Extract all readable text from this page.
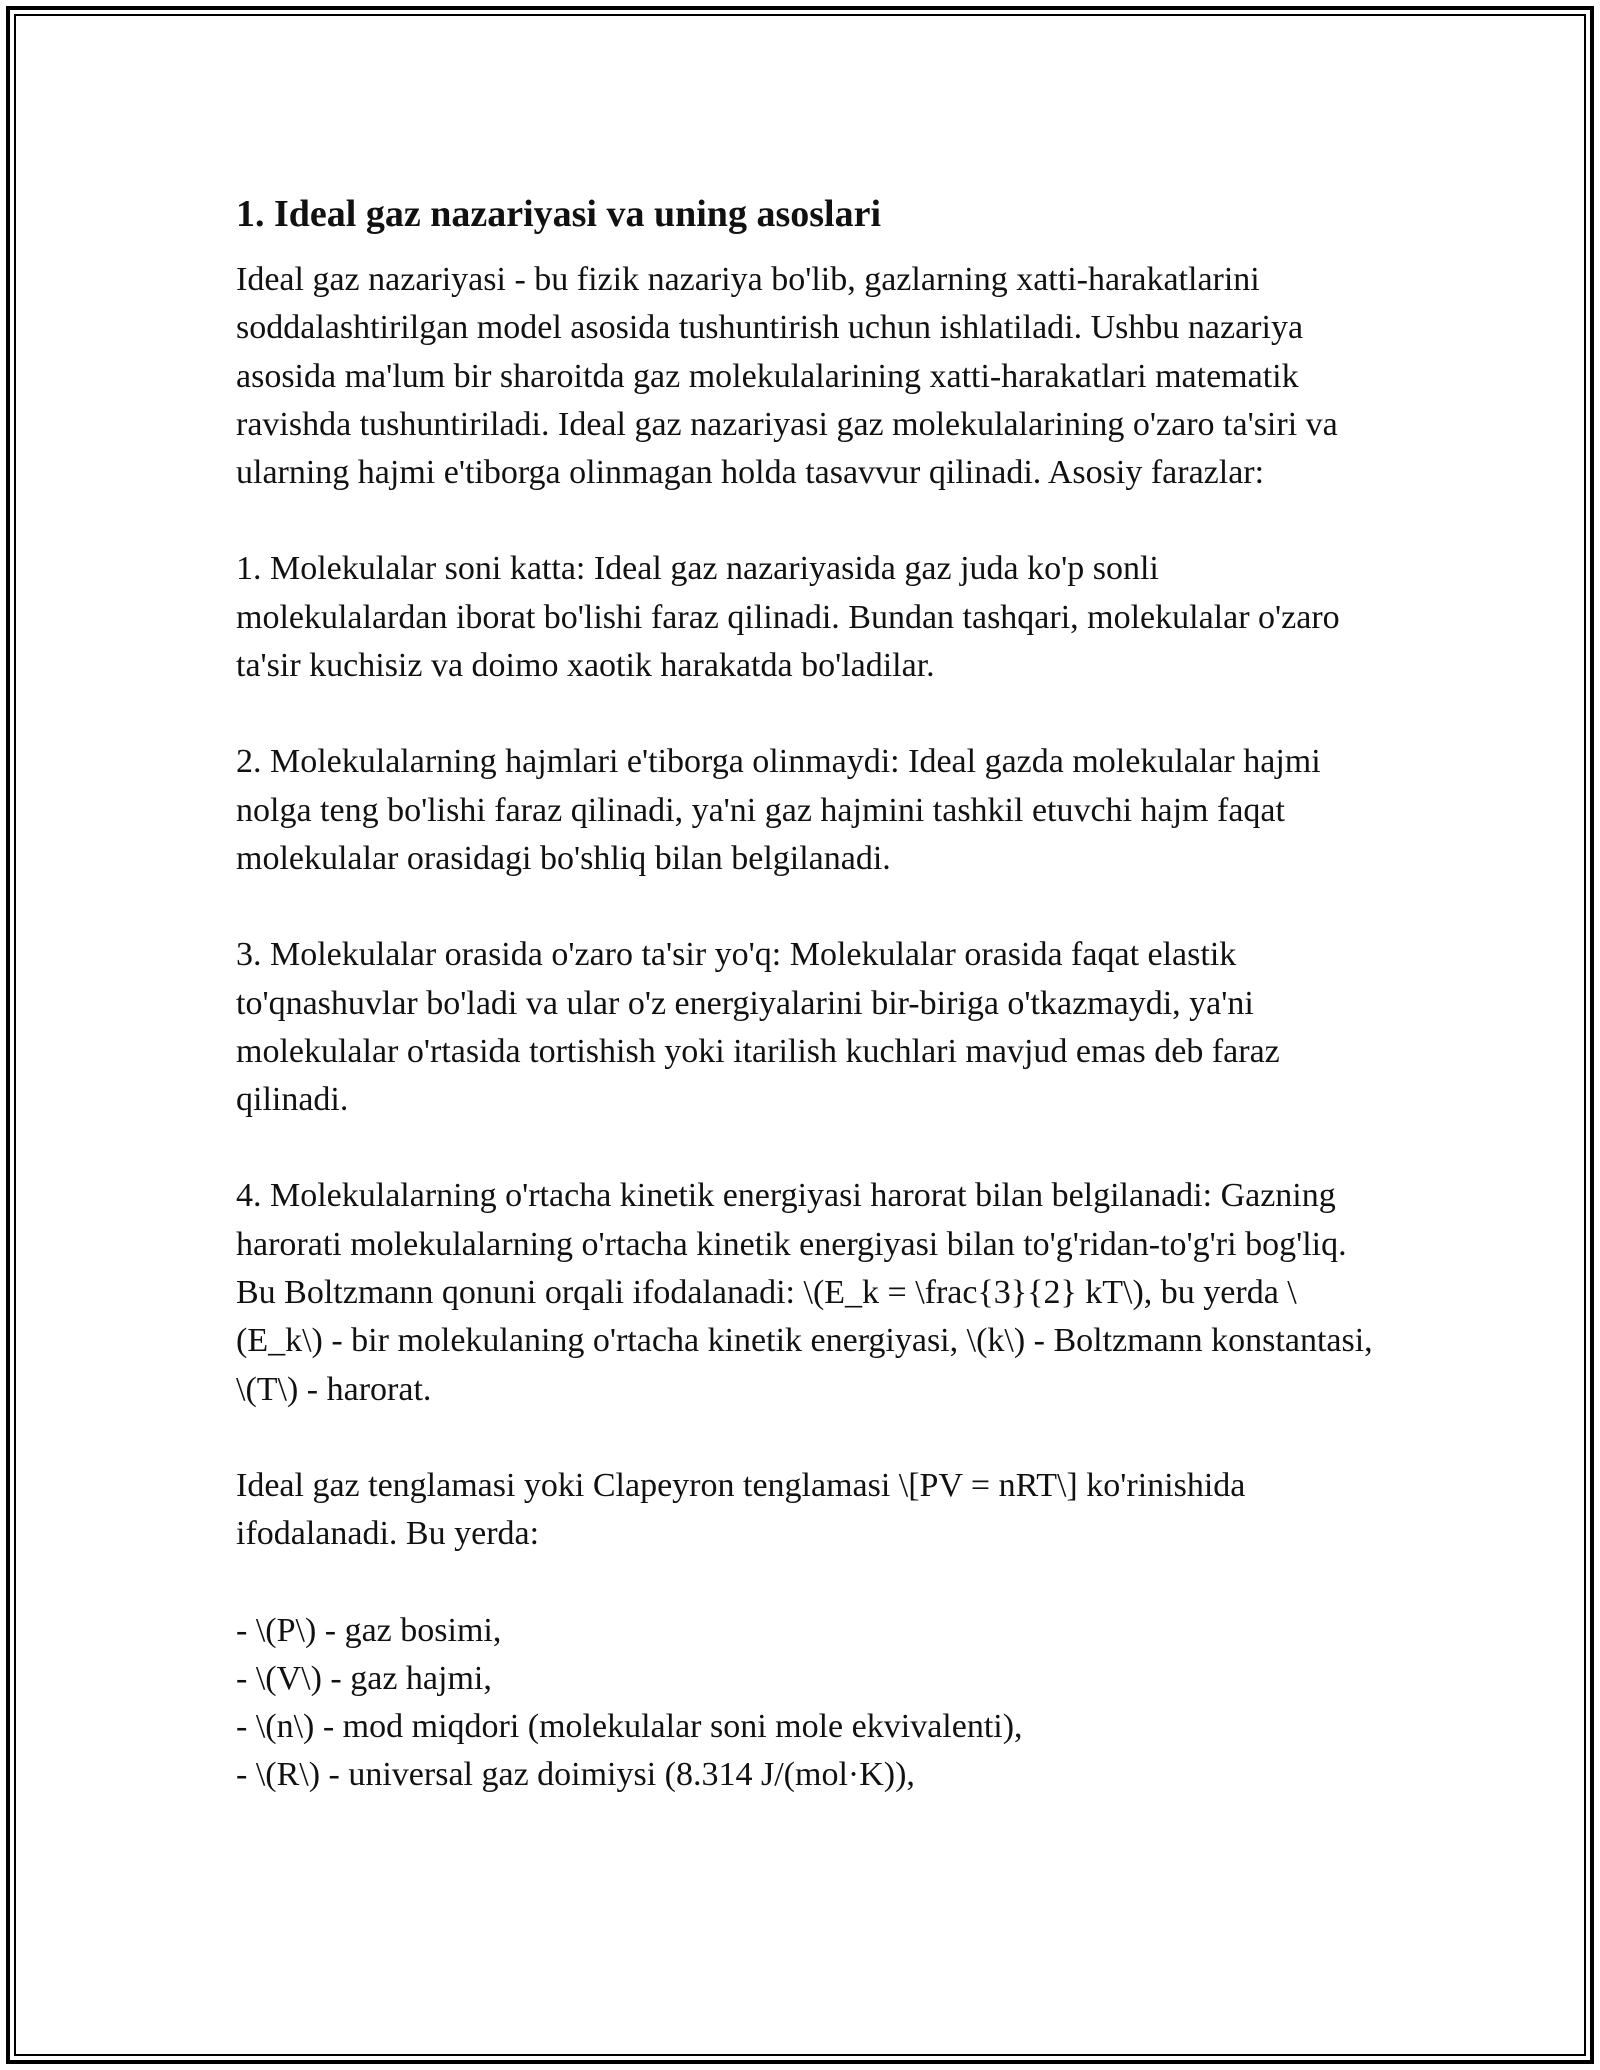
1. Ideal gaz nazariyasi va uning asoslari

Ideal gaz nazariyasi - bu fizik nazariya bo'lib, gazlarning xatti-harakatlarini soddalashtirilgan model asosida tushuntirish uchun ishlatiladi. Ushbu nazariya asosida ma'lum bir sharoitda gaz molekulalarining xatti-harakatlari matematik ravishda tushuntiriladi. Ideal gaz nazariyasi gaz molekulalarining o'zaro ta'siri va ularning hajmi e'tiborga olinmagan holda tasavvur qilinadi. Asosiy farazlar:

1. Molekulalar soni katta: Ideal gaz nazariyasida gaz juda ko'p sonli molekulalardan iborat bo'lishi faraz qilinadi. Bundan tashqari, molekulalar o'zaro ta'sir kuchisiz va doimo xaotik harakatda bo'ladilar.

2. Molekulalarning hajmlari e'tiborga olinmaydi: Ideal gazda molekulalar hajmi nolga teng bo'lishi faraz qilinadi, ya'ni gaz hajmini tashkil etuvchi hajm faqat molekulalar orasidagi bo'shliq bilan belgilanadi.

3. Molekulalar orasida o'zaro ta'sir yo'q: Molekulalar orasida faqat elastik to'qnashuvlar bo'ladi va ular o'z energiyalarini bir-biriga o'tkazmaydi, ya'ni molekulalar o'rtasida tortishish yoki itarilish kuchlari mavjud emas deb faraz qilinadi.

4. Molekulalarning o'rtacha kinetik energiyasi harorat bilan belgilanadi: Gazning harorati molekulalarning o'rtacha kinetik energiyasi bilan to'g'ridan-to'g'ri bog'liq. Bu Boltzmann qonuni orqali ifodalanadi: \(E_k = \frac{3}{2} kT\), bu yerda \(E_k\) - bir molekulaning o'rtacha kinetik energiyasi, \(k\) - Boltzmann konstantasi, \(T\) - harorat.

Ideal gaz tenglamasi yoki Clapeyron tenglamasi \[PV = nRT\] ko'rinishida ifodalanadi. Bu yerda:

- \(P\) - gaz bosimi,
- \(V\) - gaz hajmi,
- \(n\) - mod miqdori (molekulalar soni mole ekvivalenti),
- \(R\) - universal gaz doimiysi (8.314 J/(mol·K)),
